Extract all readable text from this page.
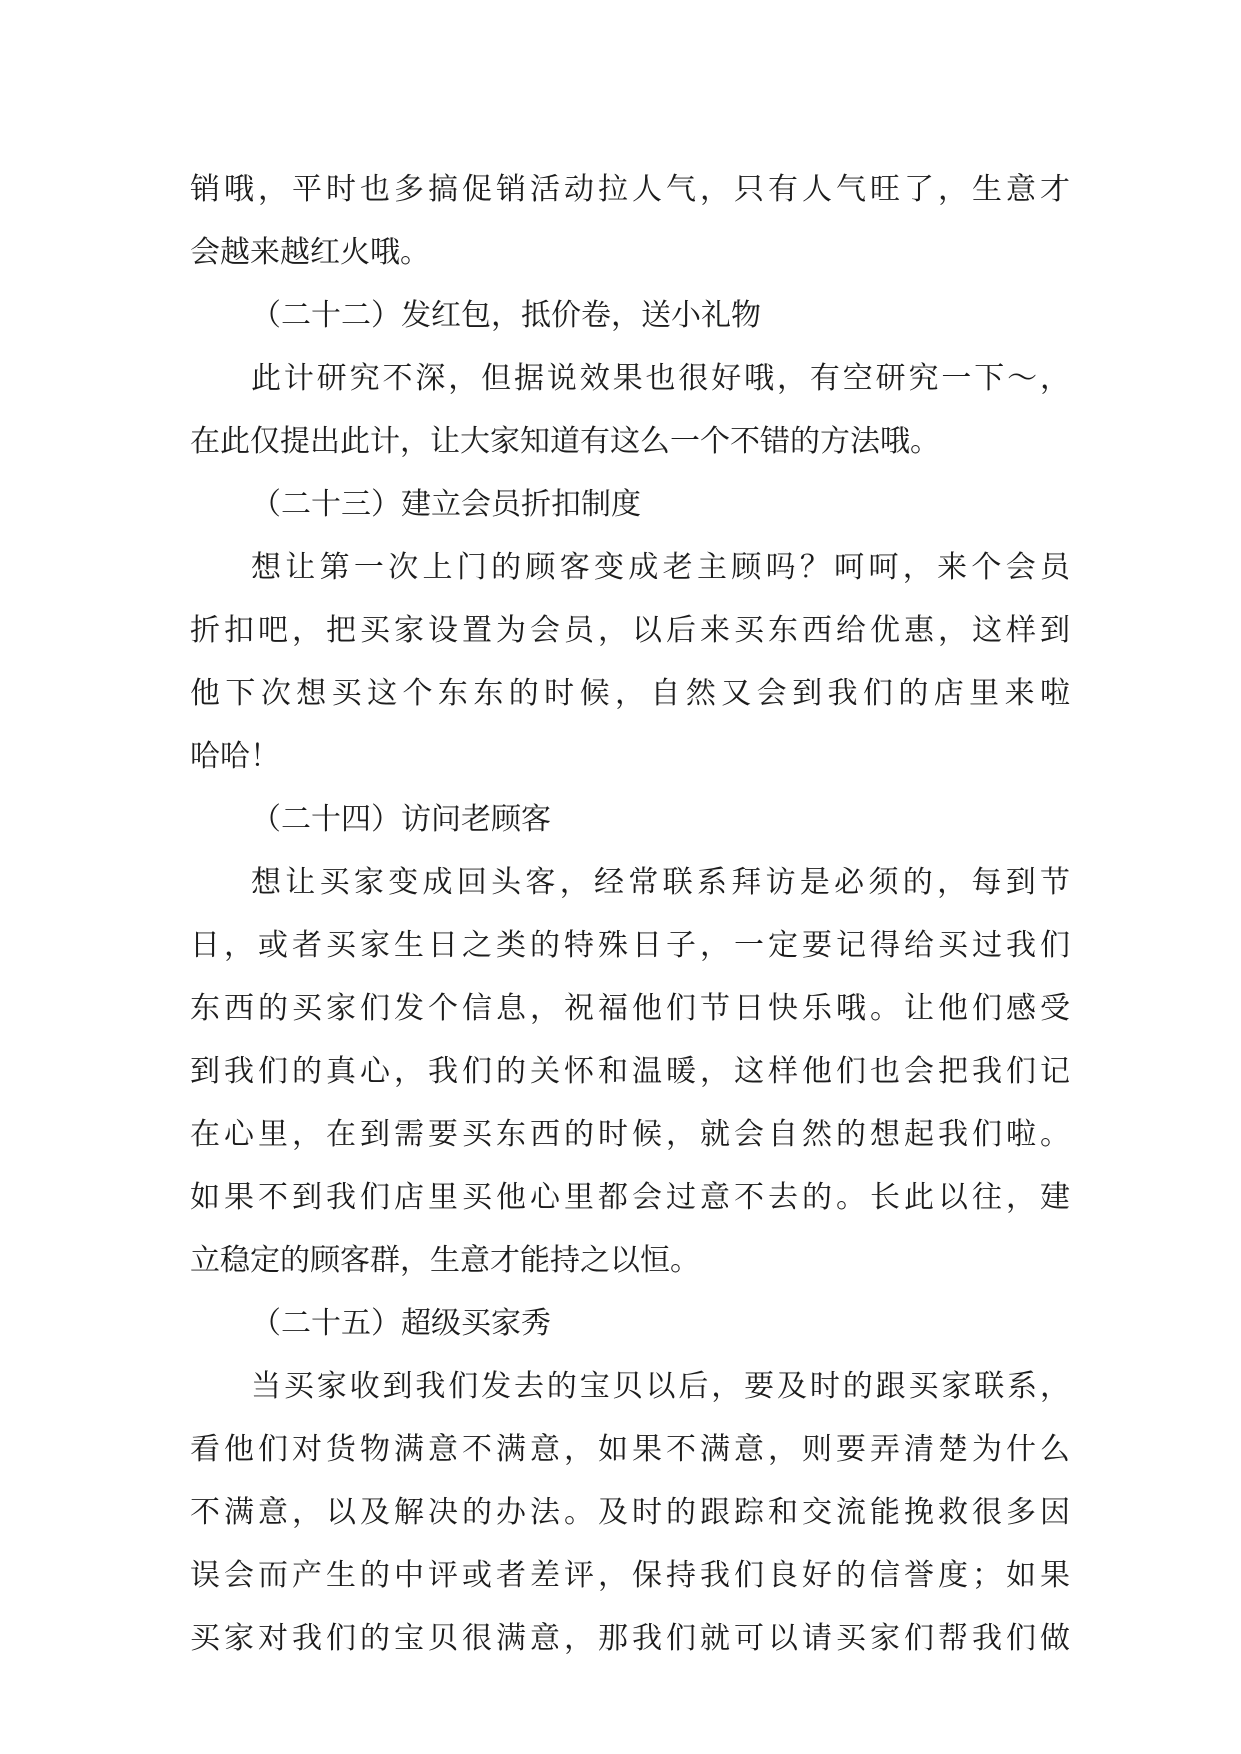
销哦，平时也多搞促销活动拉人气，只有人气旺了，生意才
会越来越红火哦。
（二十二）发红包，抵价卷，送小礼物
此计研究不深，但据说效果也很好哦，有空研究一下～，
在此仅提出此计，让大家知道有这么一个不错的方法哦。
（二十三）建立会员折扣制度
想让第一次上门的顾客变成老主顾吗？呵呵，来个会员
折扣吧，把买家设置为会员，以后来买东西给优惠，这样到
他下次想买这个东东的时候，自然又会到我们的店里来啦
哈哈！
（二十四）访问老顾客
想让买家变成回头客，经常联系拜访是必须的，每到节
日，或者买家生日之类的特殊日子，一定要记得给买过我们
东西的买家们发个信息，祝福他们节日快乐哦。让他们感受
到我们的真心，我们的关怀和温暖，这样他们也会把我们记
在心里，在到需要买东西的时候，就会自然的想起我们啦。
如果不到我们店里买他心里都会过意不去的。长此以往，建
立稳定的顾客群，生意才能持之以恒。
（二十五）超级买家秀
当买家收到我们发去的宝贝以后，要及时的跟买家联系，
看他们对货物满意不满意，如果不满意，则要弄清楚为什么
不满意，以及解决的办法。及时的跟踪和交流能挽救很多因
误会而产生的中评或者差评，保持我们良好的信誉度；如果
买家对我们的宝贝很满意，那我们就可以请买家们帮我们做
